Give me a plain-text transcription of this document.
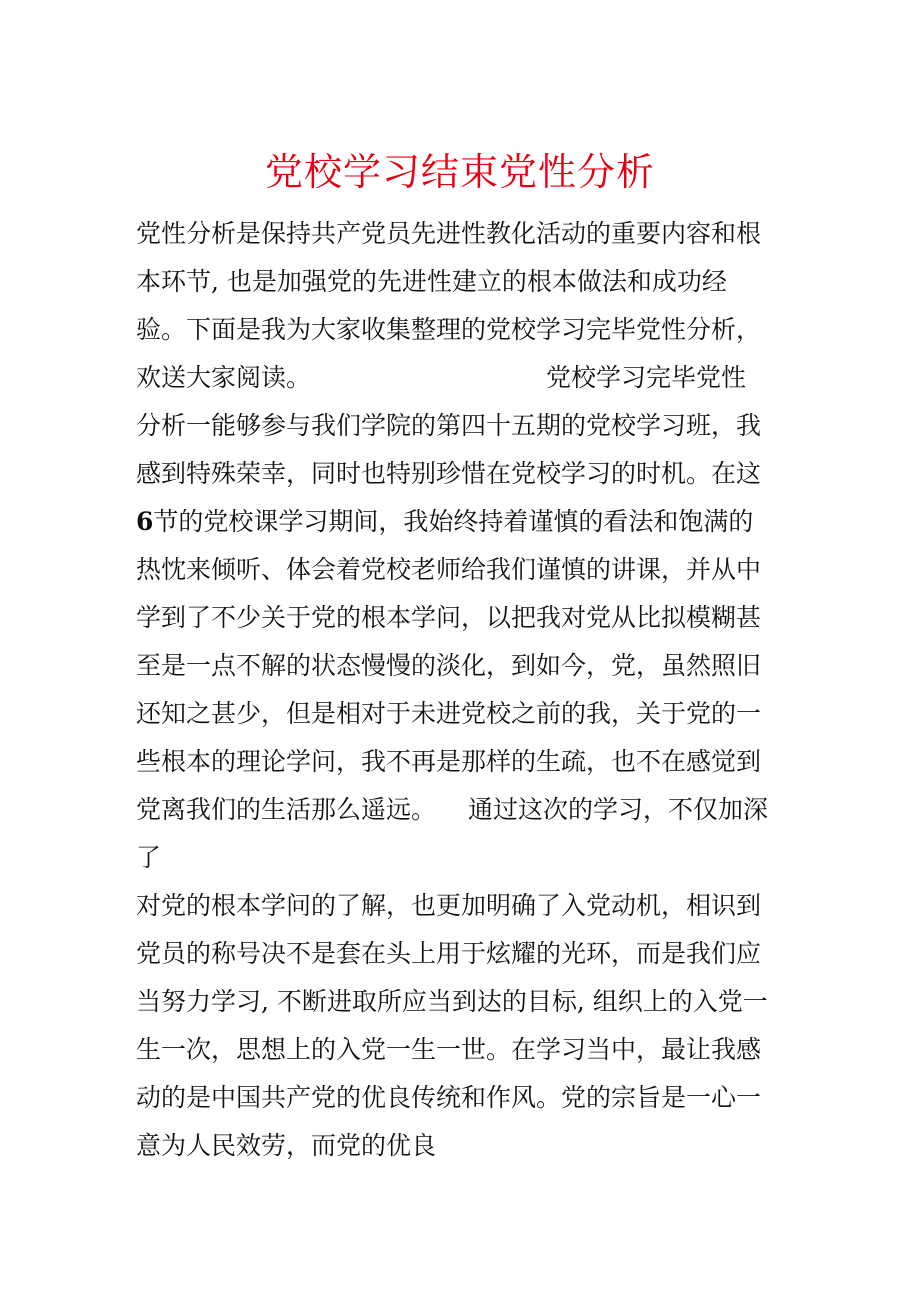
党校学习结束党性分析
党性分析是保持共产党员先进性教化活动的重要内容和根
本环节, 也是加强党的先进性建立的根本做法和成功经
验。下面是我为大家收集整理的党校学习完毕党性分析，
欢送大家阅读。	党校学习完毕党性
分析一能够参与我们学院的第四十五期的党校学习班，我
感到特殊荣幸，同时也特别珍惜在党校学习的时机。在这
6节的党校课学习期间，我始终持着谨慎的看法和饱满的
热忱来倾听、体会着党校老师给我们谨慎的讲课，并从中
学到了不少关于党的根本学问，以把我对党从比拟模糊甚
至是一点不解的状态慢慢的淡化，到如今，党，虽然照旧
还知之甚少，但是相对于未进党校之前的我，关于党的一
些根本的理论学问，我不再是那样的生疏，也不在感觉到
党离我们的生活那么遥远。 通过这次的学习，不仅加深
了
对党的根本学问的了解，也更加明确了入党动机，相识到
党员的称号决不是套在头上用于炫耀的光环，而是我们应
当努力学习, 不断进取所应当到达的目标, 组织上的入党一
生一次，思想上的入党一生一世。在学习当中，最让我感
动的是中国共产党的优良传统和作风。党的宗旨是一心一
意为人民效劳，而党的优良
